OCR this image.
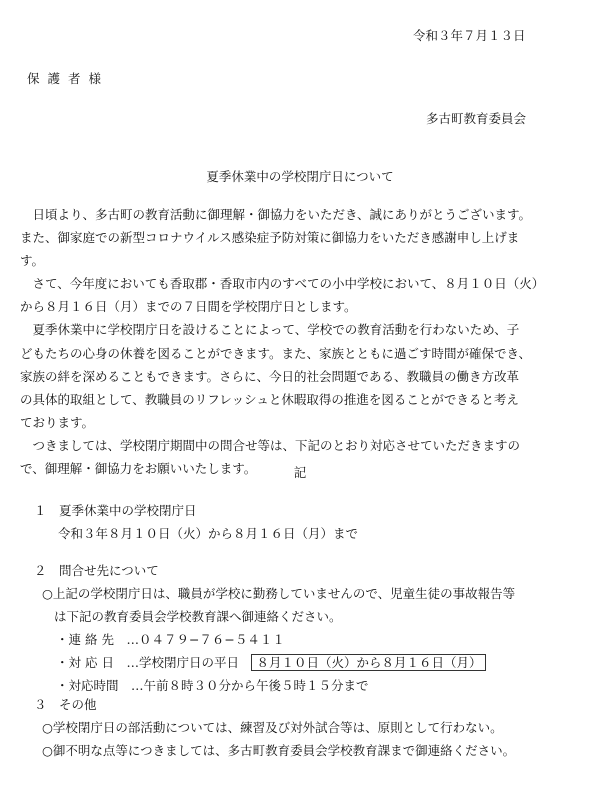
令和３年７月１３日
保護者様
多古町教育委員会
夏季休業中の学校閉庁日について

　日頃より、多古町の教育活動に御理解・御協力をいただき、誠にありがとうございます。

また、御家庭での新型コロナウイルス感染症予防対策に御協力をいただき感謝申し上げま

す。

　さて、今年度においても香取郡・香取市内のすべての小中学校において、８月１０日（火）

から８月１６日（月）までの７日間を学校閉庁日とします。

　夏季休業中に学校閉庁日を設けることによって、学校での教育活動を行わないため、子

どもたちの心身の休養を図ることができます。また、家族とともに過ごす時間が確保でき、

家族の絆を深めることもできます。さらに、今日的社会問題である、教職員の働き方改革

の具体的取組として、教職員のリフレッシュと休暇取得の推進を図ることができると考え

ております。

　つきましては、学校閉庁期間中の問合せ等は、下記のとおり対応させていただきますの

で、御理解・御協力をお願いいたします。	記
１　夏季休業中の学校閉庁日
令和３年８月１０日（火）から８月１６日（月）まで
２　問合せ先について
○上記の学校閉庁日は、職員が学校に勤務していませんので、児童生徒の事故報告等
は下記の教育委員会学校教育課へ御連絡ください。
・連 絡 先　…０４７９−７６−５４１１
・対 応 日　…学校閉庁日の平日　 ８月１０日（火）から８月１６日（月）
・対応時間　…午前８時３０分から午後５時１５分まで
３　その他
○学校閉庁日の部活動については、練習及び対外試合等は、原則として行わない。
○御不明な点等につきましては、多古町教育委員会学校教育課まで御連絡ください。
